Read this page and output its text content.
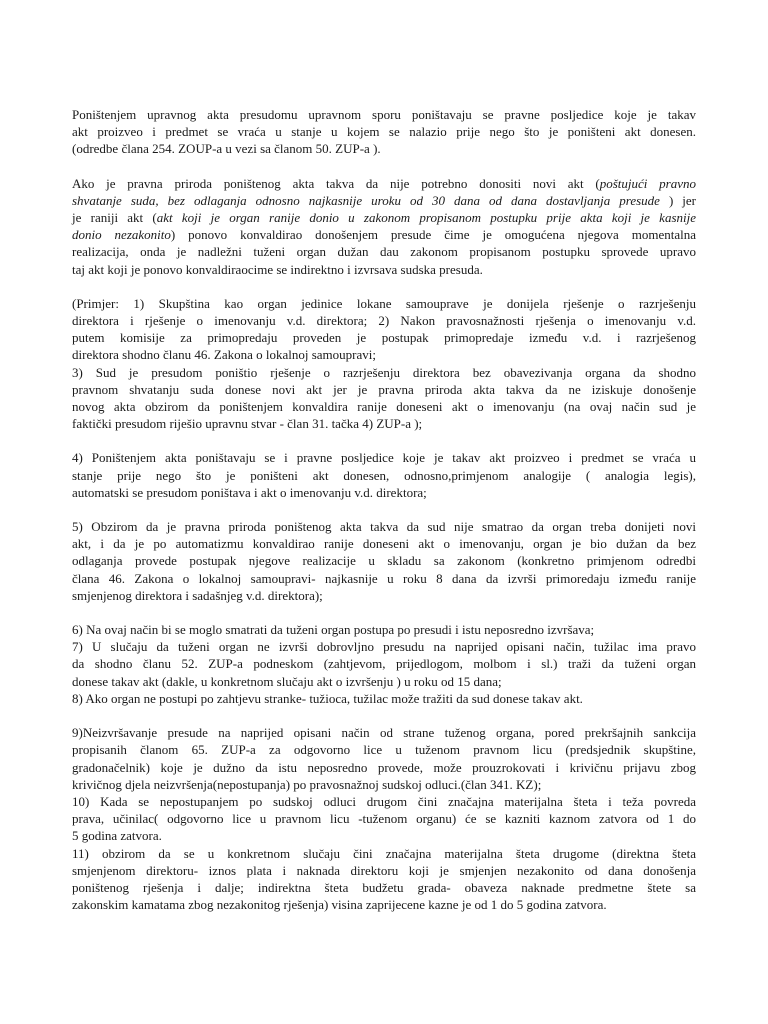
Poništenjem upravnog akta presudomu upravnom sporu poništavaju se pravne posljedice koje je takav
akt proizveo i predmet se vraća u stanje u kojem se nalazio prije nego što je poništeni akt donesen.
(odredbe člana 254. ZOUP-a u vezi sa članom 50. ZUP-a ).
Ako je pravna priroda poništenog akta takva da nije potrebno donositi novi akt (poštujući pravno
shvatanje suda, bez odlaganja odnosno najkasnije uroku od 30 dana od dana dostavljanja presude ) jer
je raniji akt (akt koji je organ ranije donio u zakonom propisanom postupku prije akta koji je kasnije
donio nezakonito) ponovo konvaldirao donošenjem presude čime je omogućena njegova momentalna
realizacija, onda je nadležni tuženi organ dužan dau zakonom propisanom postupku sprovede upravo
taj akt koji je ponovo konvaldiraocime se indirektno i izvrsava sudska presuda.
(Primjer: 1) Skupština kao organ jedinice lokane samouprave je donijela rješenje o razrješenju
direktora i rješenje o imenovanju v.d. direktora; 2) Nakon pravosnažnosti rješenja o imenovanju v.d.
putem komisije za primopredaju proveden je postupak primopredaje između v.d. i razrješenog
direktora shodno članu 46. Zakona o lokalnoj samoupravi;
3) Sud je presudom poništio rješenje o razrješenju direktora bez obavezivanja organa da shodno
pravnom shvatanju suda donese novi akt jer je pravna priroda akta takva da ne iziskuje donošenje
novog akta obzirom da poništenjem konvaldira ranije doneseni akt o imenovanju (na ovaj način sud je
faktički presudom riješio upravnu stvar - član 31. tačka 4) ZUP-a );
4) Poništenjem akta poništavaju se i pravne posljedice koje je takav akt proizveo i predmet se vraća u
stanje prije nego što je poništeni akt donesen, odnosno,primjenom analogije ( analogia legis),
automatski se presudom poništava i akt o imenovanju v.d. direktora;
5) Obzirom da je pravna priroda poništenog akta takva da sud nije smatrao da organ treba donijeti novi
akt, i da je po automatizmu konvaldirao ranije doneseni akt o imenovanju, organ je bio dužan da bez
odlaganja provede postupak njegove realizacije u skladu sa zakonom (konkretno primjenom odredbi
člana 46. Zakona o lokalnoj samoupravi- najkasnije u roku 8 dana da izvrši primoredaju između ranije
smjenjenog direktora i sadašnjeg v.d. direktora);
6) Na ovaj način bi se moglo smatrati da tuženi organ postupa po presudi i istu neposredno izvršava;
7) U slučaju da tuženi organ ne izvrši dobrovljno presudu na naprijed opisani način, tužilac ima pravo
da shodno članu 52. ZUP-a podneskom (zahtjevom, prijedlogom, molbom i sl.) traži da tuženi organ
donese takav akt (dakle, u konkretnom slučaju akt o izvršenju ) u roku od 15 dana;
8) Ako organ ne postupi po zahtjevu stranke- tužioca, tužilac može tražiti da sud donese takav akt.
9)Neizvršavanje presude na naprijed opisani način od strane tuženog organa, pored prekršajnih sankcija
propisanih članom 65. ZUP-a za odgovorno lice u tuženom pravnom licu (predsjednik skupštine,
gradonačelnik) koje je dužno da istu neposredno provede, može prouzrokovati i krivičnu prijavu zbog
krivičnog djela neizvršenja(nepostupanja) po pravosnažnoj sudskoj odluci.(član 341. KZ);
10) Kada se nepostupanjem po sudskoj odluci drugom čini značajna materijalna šteta i teža povreda
prava, učinilac( odgovorno lice u pravnom licu -tuženom organu) će se kazniti kaznom zatvora od 1 do
5 godina zatvora.
11) obzirom da se u konkretnom slučaju čini značajna materijalna šteta drugome (direktna šteta
smjenjenom direktoru- iznos plata i naknada direktoru koji je smjenjen nezakonito od dana donošenja
poništenog rješenja i dalje; indirektna šteta budžetu grada- obaveza naknade predmetne štete sa
zakonskim kamatama zbog nezakonitog rješenja) visina zaprijecene kazne je od 1 do 5 godina zatvora.
